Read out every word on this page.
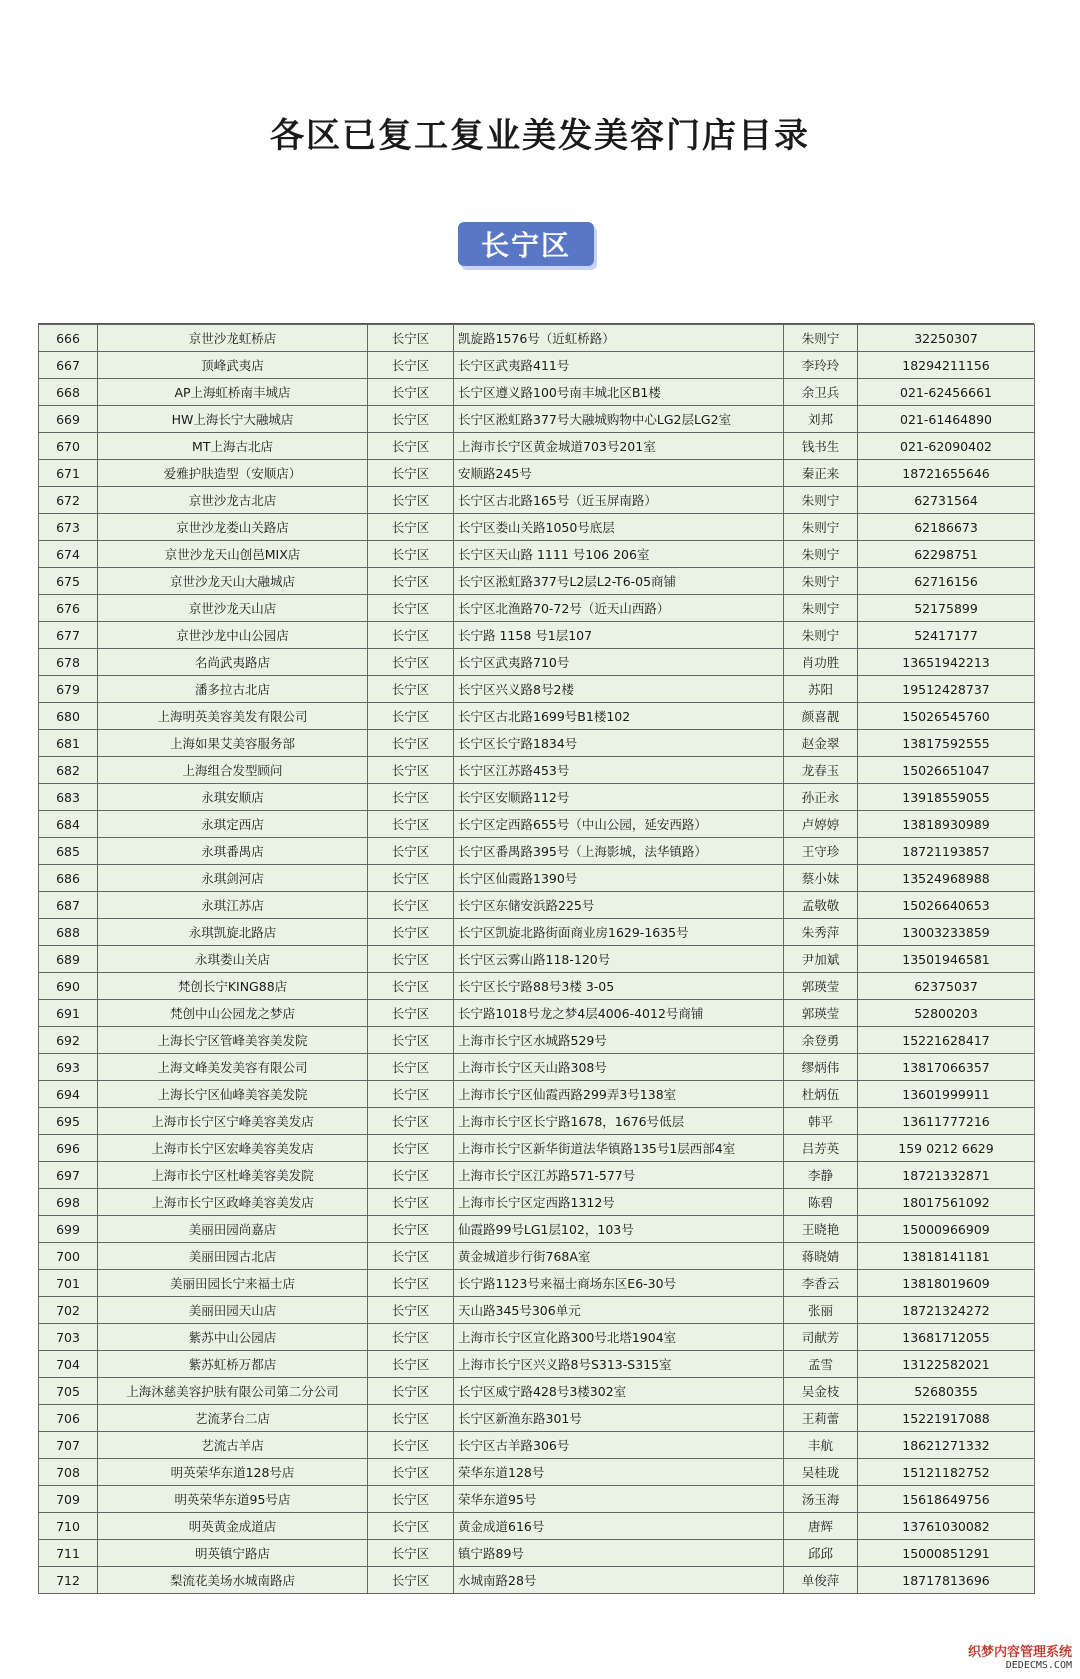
各区已复工复业美发美容门店目录
长宁区
666	京世沙龙虹桥店	长宁区	凯旋路1576号（近虹桥路）	朱则宁	32250307
667	顶峰武夷店	长宁区	长宁区武夷路411号	李玲玲	18294211156
668	AP上海虹桥南丰城店	长宁区	长宁区遵义路100号南丰城北区B1楼	余卫兵	021-62456661
669	HW上海长宁大融城店	长宁区	长宁区淞虹路377号大融城购物中心LG2层LG2室	刘邦	021-61464890
670	MT上海古北店	长宁区	上海市长宁区黄金城道703号201室	钱书生	021-62090402
671	爱雅护肤造型（安顺店）	长宁区	安顺路245号	秦正来	18721655646
672	京世沙龙古北店	长宁区	长宁区古北路165号（近玉屏南路）	朱则宁	62731564
673	京世沙龙娄山关路店	长宁区	长宁区娄山关路1050号底层	朱则宁	62186673
674	京世沙龙天山创邑MIX店	长宁区	长宁区天山路 1111 号106 206室	朱则宁	62298751
675	京世沙龙天山大融城店	长宁区	长宁区淞虹路377号L2层L2-T6-05商铺	朱则宁	62716156
676	京世沙龙天山店	长宁区	长宁区北渔路70-72号（近天山西路）	朱则宁	52175899
677	京世沙龙中山公园店	长宁区	长宁路 1158 号1层107	朱则宁	52417177
678	名尚武夷路店	长宁区	长宁区武夷路710号	肖功胜	13651942213
679	潘多拉古北店	长宁区	长宁区兴义路8号2楼	苏阳	19512428737
680	上海明英美容美发有限公司	长宁区	长宁区古北路1699号B1楼102	颜喜靓	15026545760
681	上海如果艾美容服务部	长宁区	长宁区长宁路1834号	赵金翠	13817592555
682	上海组合发型顾问	长宁区	长宁区江苏路453号	龙春玉	15026651047
683	永琪安顺店	长宁区	长宁区安顺路112号	孙正永	13918559055
684	永琪定西店	长宁区	长宁区定西路655号（中山公园，延安西路）	卢婷婷	13818930989
685	永琪番禺店	长宁区	长宁区番禺路395号（上海影城，法华镇路）	王守珍	18721193857
686	永琪剑河店	长宁区	长宁区仙霞路1390号	蔡小妹	13524968988
687	永琪江苏店	长宁区	长宁区东储安浜路225号	孟敬敬	15026640653
688	永琪凯旋北路店	长宁区	长宁区凯旋北路街面商业房1629-1635号	朱秀萍	13003233859
689	永琪娄山关店	长宁区	长宁区云雾山路118-120号	尹加斌	13501946581
690	梵创长宁KING88店	长宁区	长宁区长宁路88号3楼 3-05	郭瑛莹	62375037
691	梵创中山公园龙之梦店	长宁区	长宁路1018号龙之梦4层4006-4012号商铺	郭瑛莹	52800203
692	上海长宁区管峰美容美发院	长宁区	上海市长宁区水城路529号	余登勇	15221628417
693	上海文峰美发美容有限公司	长宁区	上海市长宁区天山路308号	缪炳伟	13817066357
694	上海长宁区仙峰美容美发院	长宁区	上海市长宁区仙霞西路299弄3号138室	杜炳伍	13601999911
695	上海市长宁区宁峰美容美发店	长宁区	上海市长宁区长宁路1678，1676号低层	韩平	13611777216
696	上海市长宁区宏峰美容美发店	长宁区	上海市长宁区新华街道法华镇路135号1层西部4室	吕芳英	159 0212 6629
697	上海市长宁区杜峰美容美发院	长宁区	上海市长宁区江苏路571-577号	李静	18721332871
698	上海市长宁区政峰美容美发店	长宁区	上海市长宁区定西路1312号	陈碧	18017561092
699	美丽田园尚嘉店	长宁区	仙霞路99号LG1层102，103号	王晓艳	15000966909
700	美丽田园古北店	长宁区	黄金城道步行街768A室	蒋晓婧	13818141181
701	美丽田园长宁来福士店	长宁区	长宁路1123号来福士商场东区E6-30号	李香云	13818019609
702	美丽田园天山店	长宁区	天山路345号306单元	张丽	18721324272
703	紫苏中山公园店	长宁区	上海市长宁区宣化路300号北塔1904室	司献芳	13681712055
704	紫苏虹桥万都店	长宁区	上海市长宁区兴义路8号S313-S315室	孟雪	13122582021
705	上海沐慈美容护肤有限公司第二分公司	长宁区	长宁区威宁路428号3楼302室	吴金枝	52680355
706	艺流茅台二店	长宁区	长宁区新渔东路301号	王莉蕾	15221917088
707	艺流古羊店	长宁区	长宁区古羊路306号	丰航	18621271332
708	明英荣华东道128号店	长宁区	荣华东道128号	吴桂珑	15121182752
709	明英荣华东道95号店	长宁区	荣华东道95号	汤玉海	15618649756
710	明英黄金成道店	长宁区	黄金成道616号	唐辉	13761030082
711	明英镇宁路店	长宁区	镇宁路89号	邱邱	15000851291
712	梨流花美场水城南路店	长宁区	水城南路28号	单俊萍	18717813696
织梦内容管理系统
DEDECMS.COM
